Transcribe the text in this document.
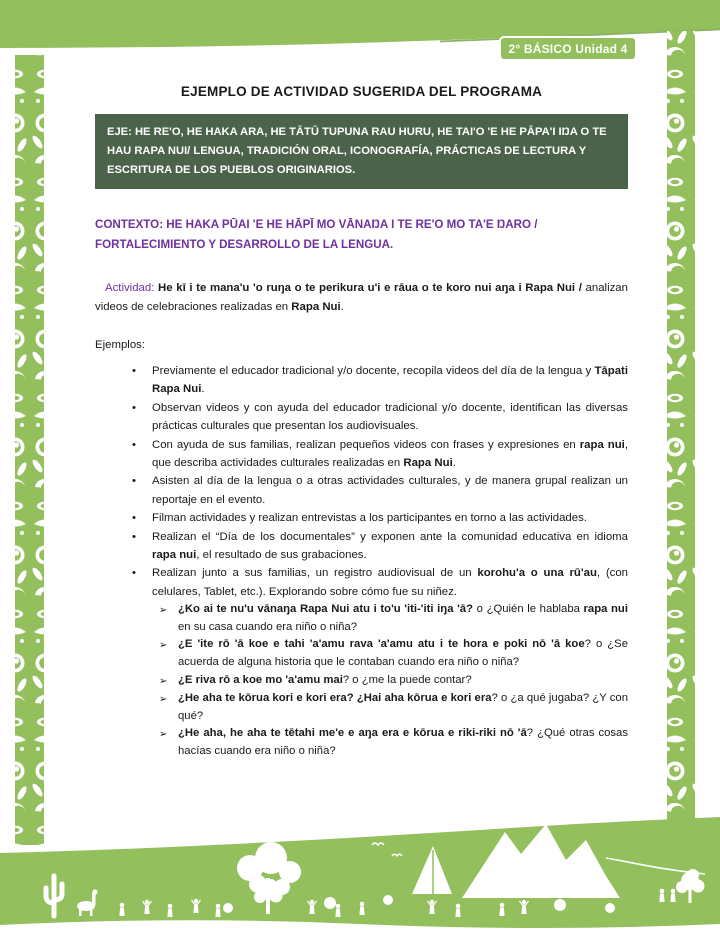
2° BÁSICO Unidad 4
EJEMPLO DE ACTIVIDAD SUGERIDA DEL PROGRAMA
EJE: HE RE'O, HE HAKA ARA, HE TĀTŪ TUPUNA RAU HURU, HE TAI'O 'E HE PĀPA'I IŊA O TE HAU RAPA NUI/ LENGUA, TRADICIÓN ORAL, ICONOGRAFÍA, PRÁCTICAS DE LECTURA Y ESCRITURA DE LOS PUEBLOS ORIGINARIOS.
CONTEXTO: HE HAKA PŪAI 'E HE HĀPĪ MO VĀNAŊA I TE RE'O MO TA'E ŊARO / FORTALECIMIENTO Y DESARROLLO DE LA LENGUA.

Actividad: He kī i te mana'u 'o ruŋa o te perikura u'i e rāua o te koro nui aŋa i Rapa Nui / analizan videos de celebraciones realizadas en Rapa Nui.

Ejemplos:
•	Previamente el educador tradicional y/o docente, recopila videos del día de la lengua y Tāpati Rapa Nui.
•	Observan videos y con ayuda del educador tradicional y/o docente, identifican las diversas prácticas culturales que presentan los audiovisuales.
•	Con ayuda de sus familias, realizan pequeños videos con frases y expresiones en rapa nui, que describa actividades culturales realizadas en Rapa Nui.
•	Asisten al día de la lengua o a otras actividades culturales, y de manera grupal realizan un reportaje en el evento.
•	Filman actividades y realizan entrevistas a los participantes en torno a las actividades.
•	Realizan el “Día de los documentales” y exponen ante la comunidad educativa en idioma rapa nui, el resultado de sus grabaciones.
•	Realizan junto a sus familias, un registro audiovisual de un korohu'a o una rū'au, (con celulares, Tablet, etc.). Explorando sobre cómo fue su niñez.
➢ ¿Ko ai te nu'u vānaŋa Rapa Nui atu i to'u 'iti-'iti iŋa 'ā? o ¿Quién le hablaba rapa nui en su casa cuando era niño o niña?
➢ ¿E 'ite rō 'ā koe e tahi 'a'amu rava 'a'amu atu i te hora e poki nō 'ā koe? o ¿Se acuerda de alguna historia que le contaban cuando era niño o niña?
➢ ¿E riva rō a koe mo 'a'amu mai? o ¿me la puede contar?
➢ ¿He aha te kōrua kori e kori era? ¿Hai aha kōrua e kori era? o ¿a qué jugaba? ¿Y con qué?
➢ ¿He aha, he aha te tētahi me'e e aŋa era e kōrua e riki-riki nō 'ā? ¿Qué otras cosas hacías cuando era niño o niña?
